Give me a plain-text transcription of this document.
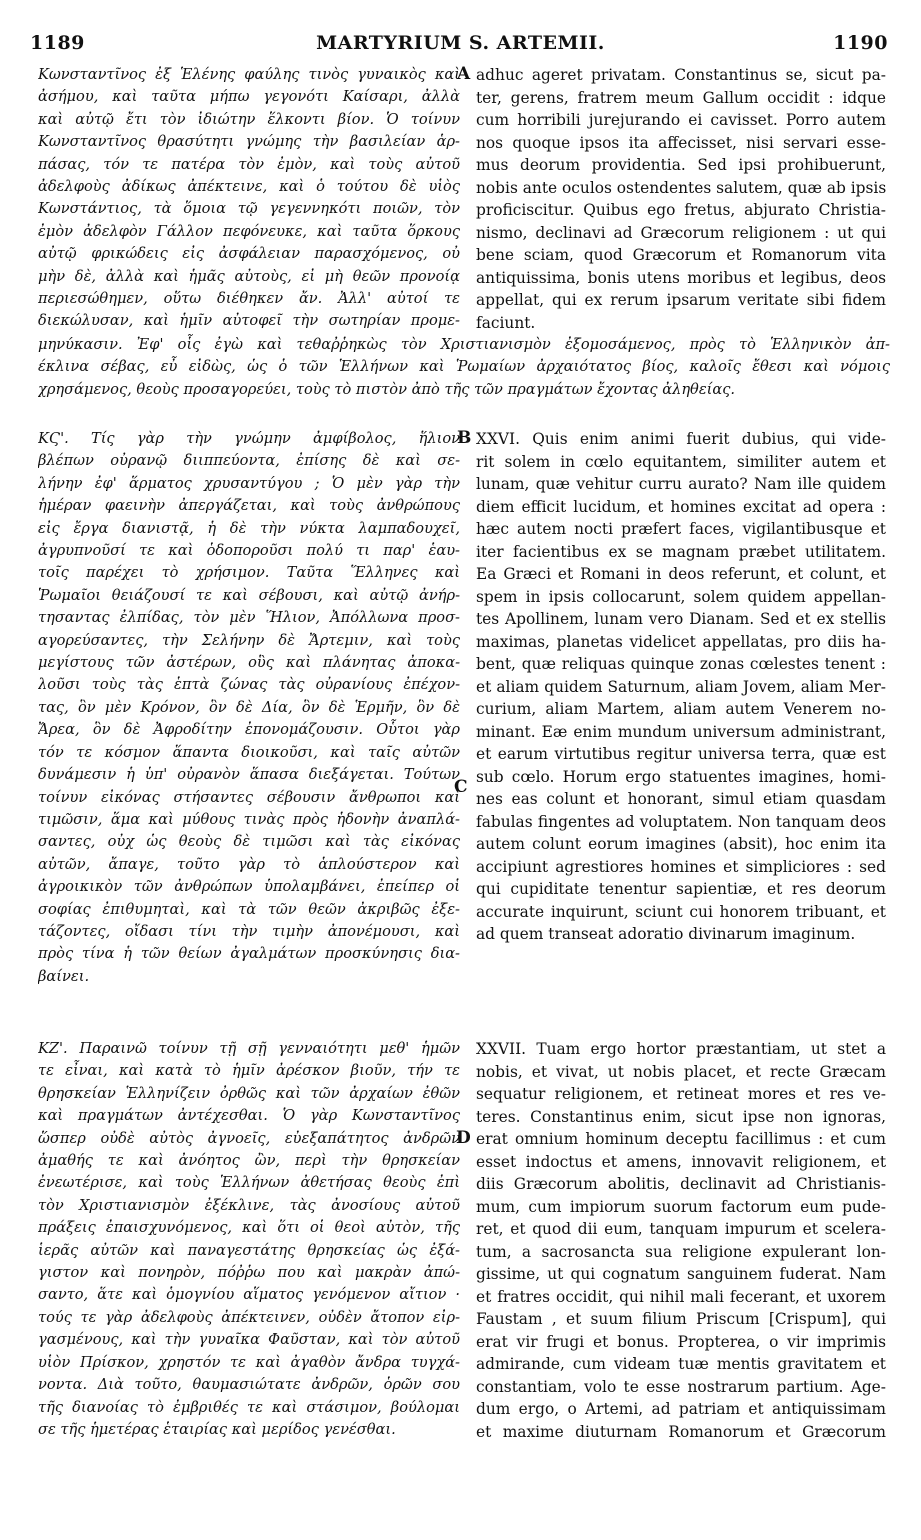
1189	MARTYRIUM S. ARTEMII.	1190
A
B
C
D
Κωνσταντῖνος ἐξ Ἑλένης φαύλης τινὸς γυναικὸς καὶ
ἀσήμου, καὶ ταῦτα μήπω γεγονότι Καίσαρι, ἀλλὰ
καὶ αὐτῷ ἔτι τὸν ἰδιώτην ἕλκοντι βίον. Ὁ τοίνυν
Κωνσταντῖνος θρασύτητι γνώμης τὴν βασιλείαν ἁρ-
πάσας, τόν τε πατέρα τὸν ἐμὸν, καὶ τοὺς αὐτοῦ
ἀδελφοὺς ἀδίκως ἀπέκτεινε, καὶ ὁ τούτου δὲ υἱὸς
Κωνστάντιος, τὰ ὅμοια τῷ γεγεννηκότι ποιῶν, τὸν
ἐμὸν ἀδελφὸν Γάλλον πεφόνευκε, καὶ ταῦτα ὅρκους
αὐτῷ φρικώδεις εἰς ἀσφάλειαν παρασχόμενος, οὐ
μὴν δὲ, ἀλλὰ καὶ ἡμᾶς αὐτοὺς, εἰ μὴ θεῶν προνοίᾳ
περιεσώθημεν, οὕτω διέθηκεν ἄν. Ἀλλ' αὐτοί τε
διεκώλυσαν, καὶ ἡμῖν αὐτοφεῖ τὴν σωτηρίαν προμε-
adhuc ageret privatam. Constantinus se, sicut pa-
ter, gerens, fratrem meum Gallum occidit : idque
cum horribili jurejurando ei cavisset. Porro autem
nos quoque ipsos ita affecisset, nisi servari esse-
mus deorum providentia. Sed ipsi prohibuerunt,
nobis ante oculos ostendentes salutem, quæ ab ipsis
proficiscitur. Quibus ego fretus, abjurato Christia-
nismo, declinavi ad Græcorum religionem : ut qui
bene sciam, quod Græcorum et Romanorum vita
antiquissima, bonis utens moribus et legibus, deos
appellat, qui ex rerum ipsarum veritate sibi fidem
faciunt.
μηνύκασιν. Ἐφ' οἷς ἐγὼ καὶ τεθαῤῥηκὼς τὸν Χριστιανισμὸν ἐξομοσάμενος, πρὸς τὸ Ἑλληνικὸν ἀπ-
έκλινα σέβας, εὖ εἰδὼς, ὡς ὁ τῶν Ἑλλήνων καὶ Ῥωμαίων ἀρχαιότατος βίος, καλοῖς ἔθεσι καὶ νόμοις
χρησάμενος, θεοὺς προσαγορεύει, τοὺς τὸ πιστὸν ἀπὸ τῆς τῶν πραγμάτων ἔχοντας ἀληθείας.
ΚϚ'. Τίς γὰρ τὴν γνώμην ἀμφίβολος, ἥλιον
βλέπων οὐρανῷ διιππεύοντα, ἐπίσης δὲ καὶ σε-
λήνην ἐφ' ἅρματος χρυσαντύγου ; Ὁ μὲν γὰρ τὴν
ἡμέραν φαεινὴν ἀπεργάζεται, καὶ τοὺς ἀνθρώπους
εἰς ἔργα διανιστᾷ, ἡ δὲ τὴν νύκτα λαμπαδουχεῖ,
ἀγρυπνοῦσί τε καὶ ὁδοποροῦσι πολύ τι παρ' ἑαυ-
τοῖς παρέχει τὸ χρήσιμον. Ταῦτα Ἕλληνες καὶ
Ῥωμαῖοι θειάζουσί τε καὶ σέβουσι, καὶ αὐτῷ ἀνήρ-
τησαντας ἐλπίδας, τὸν μὲν Ἥλιον, Ἀπόλλωνα προσ-
αγορεύσαντες, τὴν Σελήνην δὲ Ἄρτεμιν, καὶ τοὺς
μεγίστους τῶν ἀστέρων, οὓς καὶ πλάνητας ἀποκα-
λοῦσι τοὺς τὰς ἑπτὰ ζώνας τὰς οὐρανίους ἐπέχον-
τας, ὃν μὲν Κρόνον, ὃν δὲ Δία, ὃν δὲ Ἑρμῆν, ὃν δὲ
Ἄρεα, ὃν δὲ Ἀφροδίτην ἐπονομάζουσιν. Οὗτοι γὰρ
τόν τε κόσμον ἅπαντα διοικοῦσι, καὶ ταῖς αὐτῶν
δυνάμεσιν ἡ ὑπ' οὐρανὸν ἅπασα διεξάγεται. Τούτων
τοίνυν εἰκόνας στήσαντες σέβουσιν ἄνθρωποι καὶ
τιμῶσιν, ἅμα καὶ μύθους τινὰς πρὸς ἡδονὴν ἀναπλά-
σαντες, οὐχ ὡς θεοὺς δὲ τιμῶσι καὶ τὰς εἰκόνας
αὐτῶν, ἄπαγε, τοῦτο γὰρ τὸ ἁπλούστερον καὶ
ἀγροικικὸν τῶν ἀνθρώπων ὑπολαμβάνει, ἐπείπερ οἱ
σοφίας ἐπιθυμηταὶ, καὶ τὰ τῶν θεῶν ἀκριβῶς ἐξε-
τάζοντες, οἴδασι τίνι τὴν τιμὴν ἀπονέμουσι, καὶ
πρὸς τίνα ἡ τῶν θείων ἀγαλμάτων προσκύνησις δια-
βαίνει.
XXVI. Quis enim animi fuerit dubius, qui vide-
rit solem in cœlo equitantem, similiter autem et
lunam, quæ vehitur curru aurato? Nam ille quidem
diem efficit lucidum, et homines excitat ad opera :
hæc autem nocti præfert faces, vigilantibusque et
iter facientibus ex se magnam præbet utilitatem.
Ea Græci et Romani in deos referunt, et colunt, et
spem in ipsis collocarunt, solem quidem appellan-
tes Apollinem, lunam vero Dianam. Sed et ex stellis
maximas, planetas videlicet appellatas, pro diis ha-
bent, quæ reliquas quinque zonas cœlestes tenent :
et aliam quidem Saturnum, aliam Jovem, aliam Mer-
curium, aliam Martem, aliam autem Venerem no-
minant. Eæ enim mundum universum administrant,
et earum virtutibus regitur universa terra, quæ est
sub cœlo. Horum ergo statuentes imagines, homi-
nes eas colunt et honorant, simul etiam quasdam
fabulas fingentes ad voluptatem. Non tanquam deos
autem colunt eorum imagines (absit), hoc enim ita
accipiunt agrestiores homines et simpliciores : sed
qui cupiditate tenentur sapientiæ, et res deorum
accurate inquirunt, sciunt cui honorem tribuant, et
ad quem transeat adoratio divinarum imaginum.
ΚΖ'. Παραινῶ τοίνυν τῇ σῇ γενναιότητι μεθ' ἡμῶν
τε εἶναι, καὶ κατὰ τὸ ἡμῖν ἀρέσκον βιοῦν, τήν τε
θρησκείαν Ἑλληνίζειν ὀρθῶς καὶ τῶν ἀρχαίων ἐθῶν
καὶ πραγμάτων ἀντέχεσθαι. Ὁ γὰρ Κωνσταντῖνος
ὥσπερ οὐδὲ αὐτὸς ἀγνοεῖς, εὐεξαπάτητος ἀνδρῶν
ἀμαθής τε καὶ ἀνόητος ὢν, περὶ τὴν θρησκείαν
ἐνεωτέρισε, καὶ τοὺς Ἑλλήνων ἀθετήσας θεοὺς ἐπὶ
τὸν Χριστιανισμὸν ἐξέκλινε, τὰς ἀνοσίους αὐτοῦ
πράξεις ἐπαισχυνόμενος, καὶ ὅτι οἱ θεοὶ αὐτὸν, τῆς
ἱερᾶς αὐτῶν καὶ παναγεστάτης θρησκείας ὡς ἐξά-
γιστον καὶ πονηρὸν, πόῤῥω που καὶ μακρὰν ἀπώ-
σαντο, ἅτε καὶ ὁμογνίου αἵματος γενόμενον αἴτιον ·
τούς τε γὰρ ἀδελφοὺς ἀπέκτεινεν, οὐδὲν ἄτοπον εἰρ-
γασμένους, καὶ τὴν γυναῖκα Φαῦσταν, καὶ τὸν αὐτοῦ
υἱὸν Πρίσκον, χρηστόν τε καὶ ἀγαθὸν ἄνδρα τυγχά-
νοντα. Διὰ τοῦτο, θαυμασιώτατε ἀνδρῶν, ὁρῶν σου
τῆς διανοίας τὸ ἐμβριθές τε καὶ στάσιμον, βούλομαι
σε τῆς ἡμετέρας ἑταιρίας καὶ μερίδος γενέσθαι.
XXVII. Tuam ergo hortor præstantiam, ut stet a
nobis, et vivat, ut nobis placet, et recte Græcam
sequatur religionem, et retineat mores et res ve-
teres. Constantinus enim, sicut ipse non ignoras,
erat omnium hominum deceptu facillimus : et cum
esset indoctus et amens, innovavit religionem, et
diis Græcorum abolitis, declinavit ad Christianis-
mum, cum impiorum suorum factorum eum pude-
ret, et quod dii eum, tanquam impurum et scelera-
tum, a sacrosancta sua religione expulerant lon-
gissime, ut qui cognatum sanguinem fuderat. Nam
et fratres occidit, qui nihil mali fecerant, et uxorem
Faustam , et suum filium Priscum [Crispum], qui
erat vir frugi et bonus. Propterea, o vir imprimis
admirande, cum videam tuæ mentis gravitatem et
constantiam, volo te esse nostrarum partium. Age-
dum ergo, o Artemi, ad patriam et antiquissimam
et maxime diuturnam Romanorum et Græcorum
